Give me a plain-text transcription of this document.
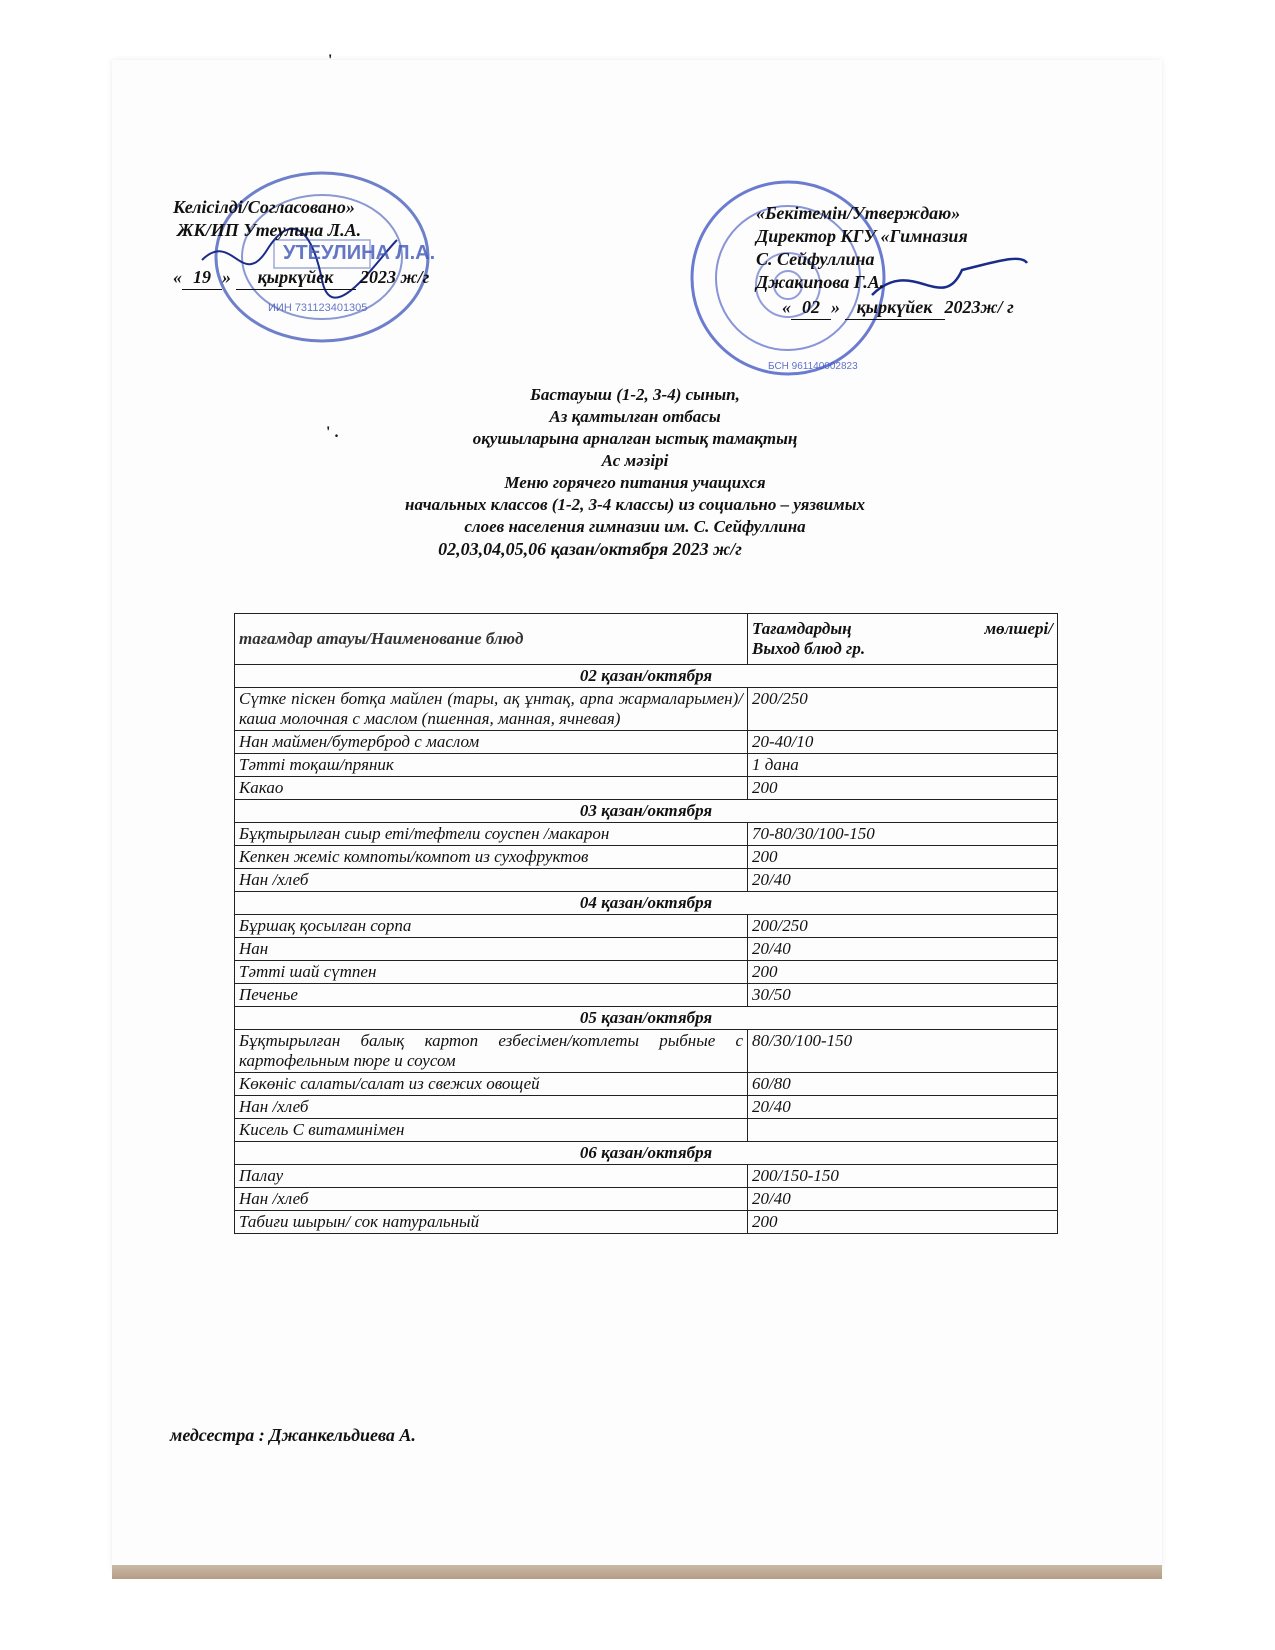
'
' .
УТЕУЛИНА Л.А.
ИИН 731123401305
БСН 961140002823
Келісілді/Согласовано»
ЖК/ИП Утеулина Л.А.
« 19 » қыркүйек 2023 ж/г
«Бекітемін/Утверждаю»
Директор КГУ «Гимназия
С. Сейфуллина
Джакипова Г.А.
« 02 » қыркүйек 2023ж/ г
Бастауыш (1-2, 3-4) сынып,
Аз қамтылған отбасы
оқушыларына арналған ыстық тамақтың
Ас мәзірі
Меню горячего питания учащихся
начальных классов (1-2, 3-4 классы) из социально – уязвимых
слоев населения гимназии им. С. Сейфуллина
02,03,04,05,06 қазан/октября 2023 ж/г
тағамдар атауы/Наименование блюд	Тағамдардың мөлшері/
Выход блюд гр.
02 қазан/октября	
Сүтке піскен ботқа майлен (тары, ақ ұнтақ, арпа жармаларымен)/ каша молочная с маслом (пшенная, манная, ячневая)	200/250
Нан маймен/бутерброд с маслом	20-40/10
Тәтті тоқаш/пряник	1 дана
Какао	200
03 қазан/октября	
Бұқтырылған сиыр еті/тефтели соуспен /макарон	70-80/30/100-150
Кепкен жеміс компоты/компот из сухофруктов	200
Нан /хлеб	20/40
04 қазан/октября	
Бұршақ қосылған сорпа	200/250
Нан	20/40
Тәтті шай сүтпен	200
Печенье	30/50
05 қазан/октября	
Бұқтырылған балық картоп езбесімен/котлеты рыбные с картофельным пюре и соусом	80/30/100-150
Көкөніс салаты/салат из свежих овощей	60/80
Нан /хлеб	20/40
Кисель С витаминімен	
06 қазан/октября	
Палау	200/150-150
Нан /хлеб	20/40
Табиғи шырын/ сок натуральный	200
медсестра : Джанкельдиева А.
